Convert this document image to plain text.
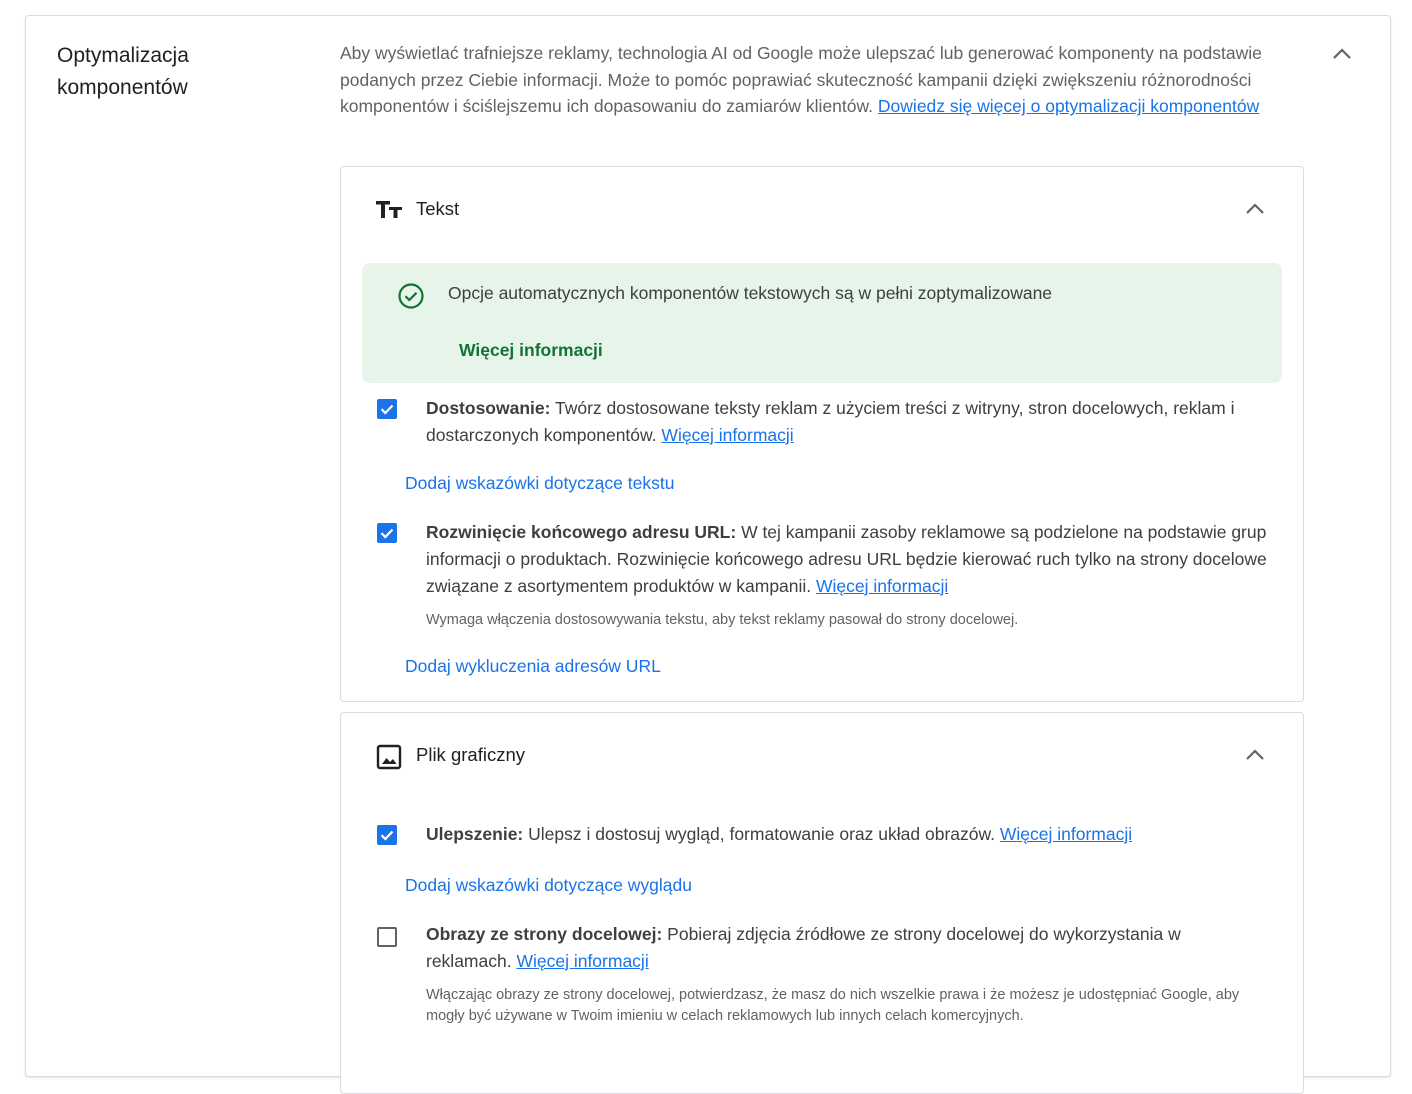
Optymalizacja komponentów
Aby wyświetlać trafniejsze reklamy, technologia AI od Google może ulepszać lub generować komponenty na podstawie podanych przez Ciebie informacji. Może to pomóc poprawiać skuteczność kampanii dzięki zwiększeniu różnorodności komponentów i ściślejszemu ich dopasowaniu do zamiarów klientów. Dowiedz się więcej o optymalizacji komponentów
Tekst
Opcje automatycznych komponentów tekstowych są w pełni zoptymalizowane
Więcej informacji
Dostosowanie: Twórz dostosowane teksty reklam z użyciem treści z witryny, stron docelowych, reklam i dostarczonych komponentów. Więcej informacji
Dodaj wskazówki dotyczące tekstu
Rozwinięcie końcowego adresu URL: W tej kampanii zasoby reklamowe są podzielone na podstawie grup informacji o produktach. Rozwinięcie końcowego adresu URL będzie kierować ruch tylko na strony docelowe związane z asortymentem produktów w kampanii. Więcej informacji
Wymaga włączenia dostosowywania tekstu, aby tekst reklamy pasował do strony docelowej.
Dodaj wykluczenia adresów URL
Plik graficzny
Ulepszenie: Ulepsz i dostosuj wygląd, formatowanie oraz układ obrazów. Więcej informacji
Dodaj wskazówki dotyczące wyglądu
Obrazy ze strony docelowej: Pobieraj zdjęcia źródłowe ze strony docelowej do wykorzystania w reklamach. Więcej informacji
Włączając obrazy ze strony docelowej, potwierdzasz, że masz do nich wszelkie prawa i że możesz je udostępniać Google, aby mogły być używane w Twoim imieniu w celach reklamowych lub innych celach komercyjnych.
